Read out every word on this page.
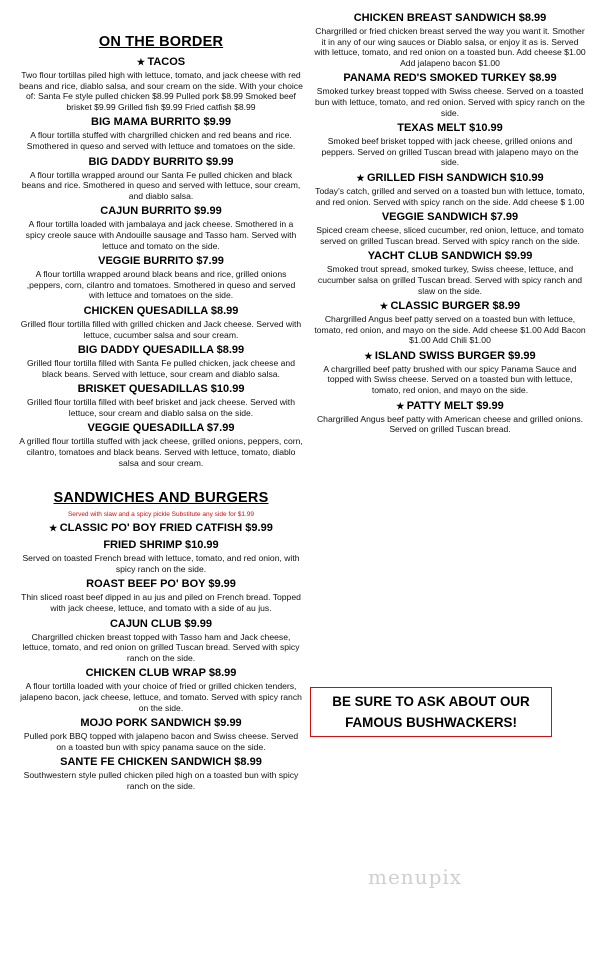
ON THE BORDER
★ TACOS
Two flour tortillas piled high with lettuce, tomato, and jack cheese with red beans and rice, diablo salsa, and sour cream on the side. With your choice of: Santa Fe style pulled chicken $8.99 Pulled pork $8.99 Smoked beef brisket $9.99 Grilled fish $9.99 Fried catfish $8.99
BIG MAMA BURRITO $9.99
A flour tortilla stuffed with chargrilled chicken and red beans and rice. Smothered in queso and served with lettuce and tomatoes on the side.
BIG DADDY BURRITO $9.99
A flour tortilla wrapped around our Santa Fe pulled chicken and black beans and rice. Smothered in queso and served with lettuce, sour cream, and diablo salsa.
CAJUN BURRITO $9.99
A flour tortilla loaded with jambalaya and jack cheese. Smothered in a spicy creole sauce with Andouille sausage and Tasso ham. Served with lettuce and tomato on the side.
VEGGIE BURRITO $7.99
A flour tortilla wrapped around black beans and rice, grilled onions ,peppers, corn, cilantro and tomatoes. Smothered in queso and served with lettuce and tomatoes on the side.
CHICKEN QUESADILLA $8.99
Grilled flour tortilla filled with grilled chicken and Jack cheese. Served with lettuce, cucumber salsa and sour cream.
BIG DADDY QUESADILLA $8.99
Grilled flour tortilla filled with Santa Fe pulled chicken, jack cheese and black beans. Served with lettuce, sour cream and diablo salsa.
BRISKET QUESADILLAS $10.99
Grilled flour tortilla filled with beef brisket and jack cheese. Served with lettuce, sour cream and diablo salsa on the side.
VEGGIE QUESADILLA $7.99
A grilled flour tortilla stuffed with jack cheese, grilled onions, peppers, corn, cilantro, tomatoes and black beans. Served with lettuce, tomato, diablo salsa and sour cream.
SANDWICHES AND BURGERS
Served with slaw and a spicy pickle Substitute any side for $1.99
★ CLASSIC PO' BOY FRIED CATFISH $9.99
FRIED SHRIMP $10.99
Served on toasted French bread with lettuce, tomato, and red onion, with spicy ranch on the side.
ROAST BEEF PO' BOY $9.99
Thin sliced roast beef dipped in au jus and piled on French bread. Topped with jack cheese, lettuce, and tomato with a side of au jus.
CAJUN CLUB $9.99
Chargrilled chicken breast topped with Tasso ham and Jack cheese, lettuce, tomato, and red onion on grilled Tuscan bread. Served with spicy ranch on the side.
CHICKEN CLUB WRAP $8.99
A flour tortilla loaded with your choice of fried or grilled chicken tenders, jalapeno bacon, jack cheese, lettuce, and tomato. Served with spicy ranch on the side.
MOJO PORK SANDWICH $9.99
Pulled pork BBQ topped with jalapeno bacon and Swiss cheese. Served on a toasted bun with spicy panama sauce on the side.
SANTE FE CHICKEN SANDWICH $8.99
Southwestern style pulled chicken piled high on a toasted bun with spicy ranch on the side.
CHICKEN BREAST SANDWICH $8.99
Chargrilled or fried chicken breast served the way you want it. Smother it in any of our wing sauces or Diablo salsa, or enjoy it as is. Served with lettuce, tomato, and red onion on a toasted bun. Add cheese $1.00 Add jalapeno bacon $1.00
PANAMA RED'S SMOKED TURKEY $8.99
Smoked turkey breast topped with Swiss cheese. Served on a toasted bun with lettuce, tomato, and red onion. Served with spicy ranch on the side.
TEXAS MELT $10.99
Smoked beef brisket topped with jack cheese, grilled onions and peppers. Served on grilled Tuscan bread with jalapeno mayo on the side.
★ GRILLED FISH SANDWICH $10.99
Today's catch, grilled and served on a toasted bun with lettuce, tomato, and red onion. Served with spicy ranch on the side. Add cheese $ 1.00
VEGGIE SANDWICH $7.99
Spiced cream cheese, sliced cucumber, red onion, lettuce, and tomato served on grilled Tuscan bread. Served with spicy ranch on the side.
YACHT CLUB SANDWICH $9.99
Smoked trout spread, smoked turkey, Swiss cheese, lettuce, and cucumber salsa on grilled Tuscan bread. Served with spicy ranch and slaw on the side.
★ CLASSIC BURGER $8.99
Chargrilled Angus beef patty served on a toasted bun with lettuce, tomato, red onion, and mayo on the side. Add cheese $1.00 Add Bacon $1.00 Add Chili $1.00
★ ISLAND SWISS BURGER $9.99
A chargrilled beef patty brushed with our spicy Panama Sauce and topped with Swiss cheese. Served on a toasted bun with lettuce, tomato, red onion, and mayo on the side.
★ PATTY MELT $9.99
Chargrilled Angus beef patty with American cheese and grilled onions. Served on grilled Tuscan bread.
BE SURE TO ASK ABOUT OUR FAMOUS BUSHWACKERS!
menupix
